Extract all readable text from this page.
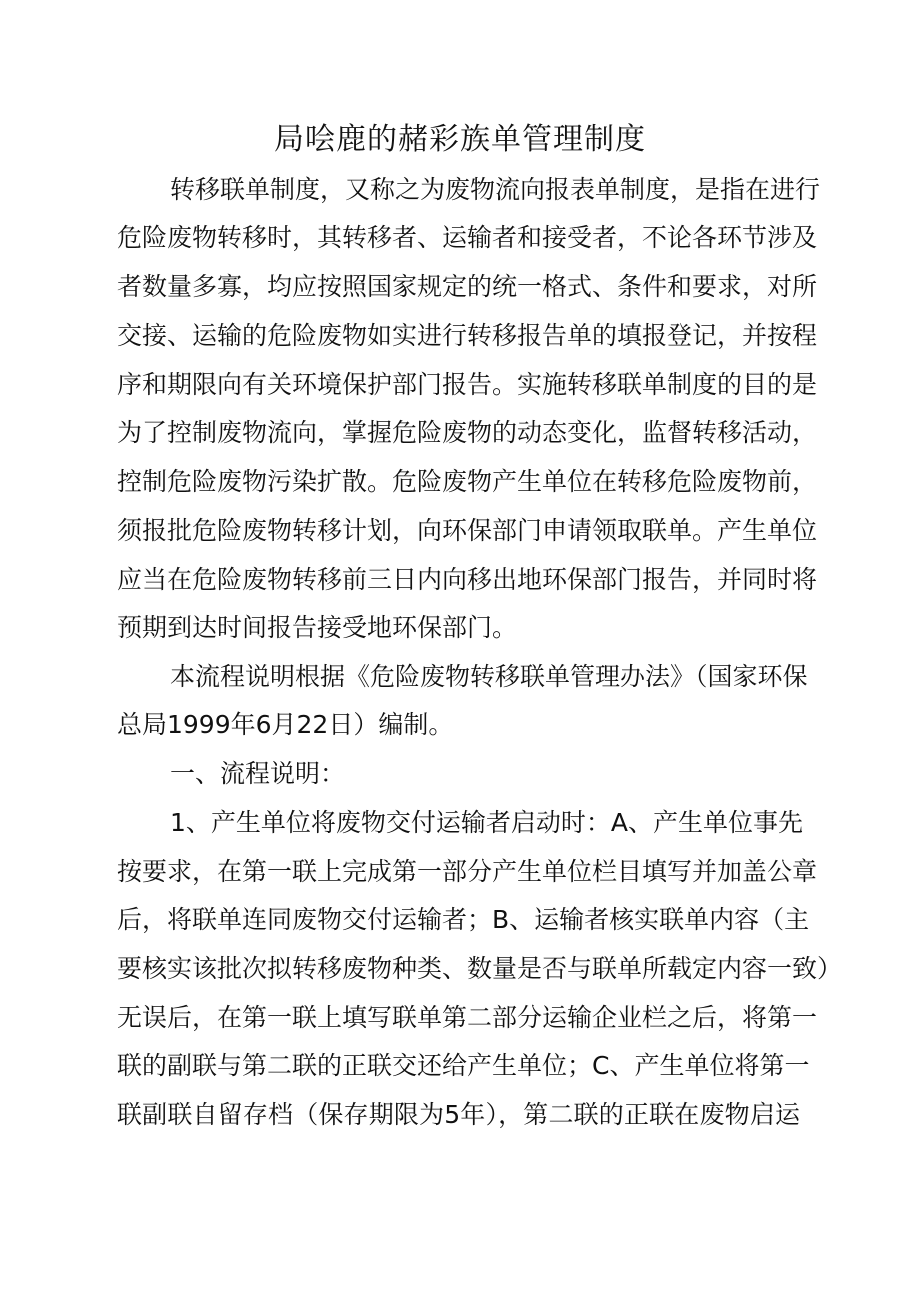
局哙鹿的赭彩族单管理制度
转移联单制度，又称之为废物流向报表单制度，是指在进行
危险废物转移时，其转移者、运输者和接受者，不论各环节涉及
者数量多寡，均应按照国家规定的统一格式、条件和要求，对所
交接、运输的危险废物如实进行转移报告单的填报登记，并按程
序和期限向有关环境保护部门报告。实施转移联单制度的目的是
为了控制废物流向，掌握危险废物的动态变化，监督转移活动，
控制危险废物污染扩散。危险废物产生单位在转移危险废物前，
须报批危险废物转移计划，向环保部门申请领取联单。产生单位
应当在危险废物转移前三日内向移出地环保部门报告，并同时将
预期到达时间报告接受地环保部门。
本流程说明根据《危险废物转移联单管理办法》（国家环保
总局1999年6月22日）编制。
一、流程说明：
1、产生单位将废物交付运输者启动时：A、产生单位事先
按要求，在第一联上完成第一部分产生单位栏目填写并加盖公章
后，将联单连同废物交付运输者；B、运输者核实联单内容（主
要核实该批次拟转移废物种类、数量是否与联单所载定内容一致）
无误后，在第一联上填写联单第二部分运输企业栏之后，将第一
联的副联与第二联的正联交还给产生单位；C、产生单位将第一
联副联自留存档（保存期限为5年），第二联的正联在废物启运
